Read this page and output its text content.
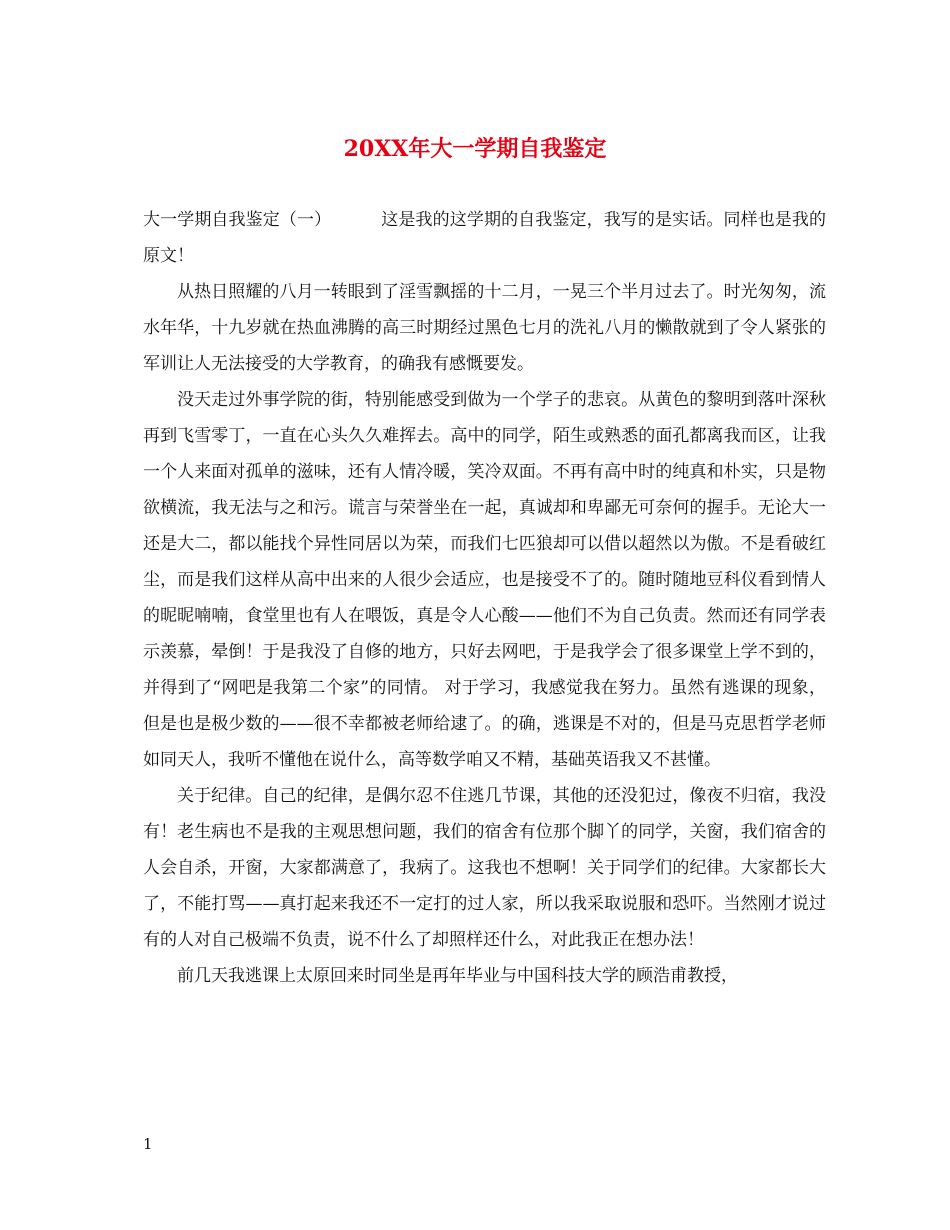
20XX年大一学期自我鉴定

大一学期自我鉴定（一）	这是我的这学期的自我鉴定，我写的是实话。同样也是我的原文！

从热日照耀的八月一转眼到了淫雪飘摇的十二月，一晃三个半月过去了。时光匆匆，流水年华，十九岁就在热血沸腾的高三时期经过黑色七月的洗礼八月的懒散就到了令人紧张的军训让人无法接受的大学教育，的确我有感慨要发。

没天走过外事学院的街，特别能感受到做为一个学子的悲哀。从黄色的黎明到落叶深秋再到飞雪零丁，一直在心头久久难挥去。高中的同学，陌生或熟悉的面孔都离我而区，让我一个人来面对孤单的滋味，还有人情冷暖，笑冷双面。不再有高中时的纯真和朴实，只是物欲横流，我无法与之和污。谎言与荣誉坐在一起，真诚却和卑鄙无可奈何的握手。无论大一还是大二，都以能找个异性同居以为荣，而我们七匹狼却可以借以超然以为傲。不是看破红尘，而是我们这样从高中出来的人很少会适应，也是接受不了的。随时随地豆科仪看到情人的昵昵喃喃，食堂里也有人在喂饭，真是令人心酸——他们不为自己负责。然而还有同学表示羡慕，晕倒！于是我没了自修的地方，只好去网吧，于是我学会了很多课堂上学不到的，并得到了“网吧是我第二个家”的同情。 对于学习，我感觉我在努力。虽然有逃课的现象，但是也是极少数的——很不幸都被老师给逮了。的确，逃课是不对的，但是马克思哲学老师如同天人，我听不懂他在说什么，高等数学咱又不精，基础英语我又不甚懂。

关于纪律。自己的纪律，是偶尔忍不住逃几节课，其他的还没犯过，像夜不归宿，我没有！老生病也不是我的主观思想问题，我们的宿舍有位那个脚丫的同学，关窗，我们宿舍的人会自杀，开窗，大家都满意了，我病了。这我也不想啊！关于同学们的纪律。大家都长大了，不能打骂——真打起来我还不一定打的过人家，所以我采取说服和恐吓。当然刚才说过有的人对自己极端不负责，说不什么了却照样还什么，对此我正在想办法！

前几天我逃课上太原回来时同坐是再年毕业与中国科技大学的顾浩甫教授，

1
